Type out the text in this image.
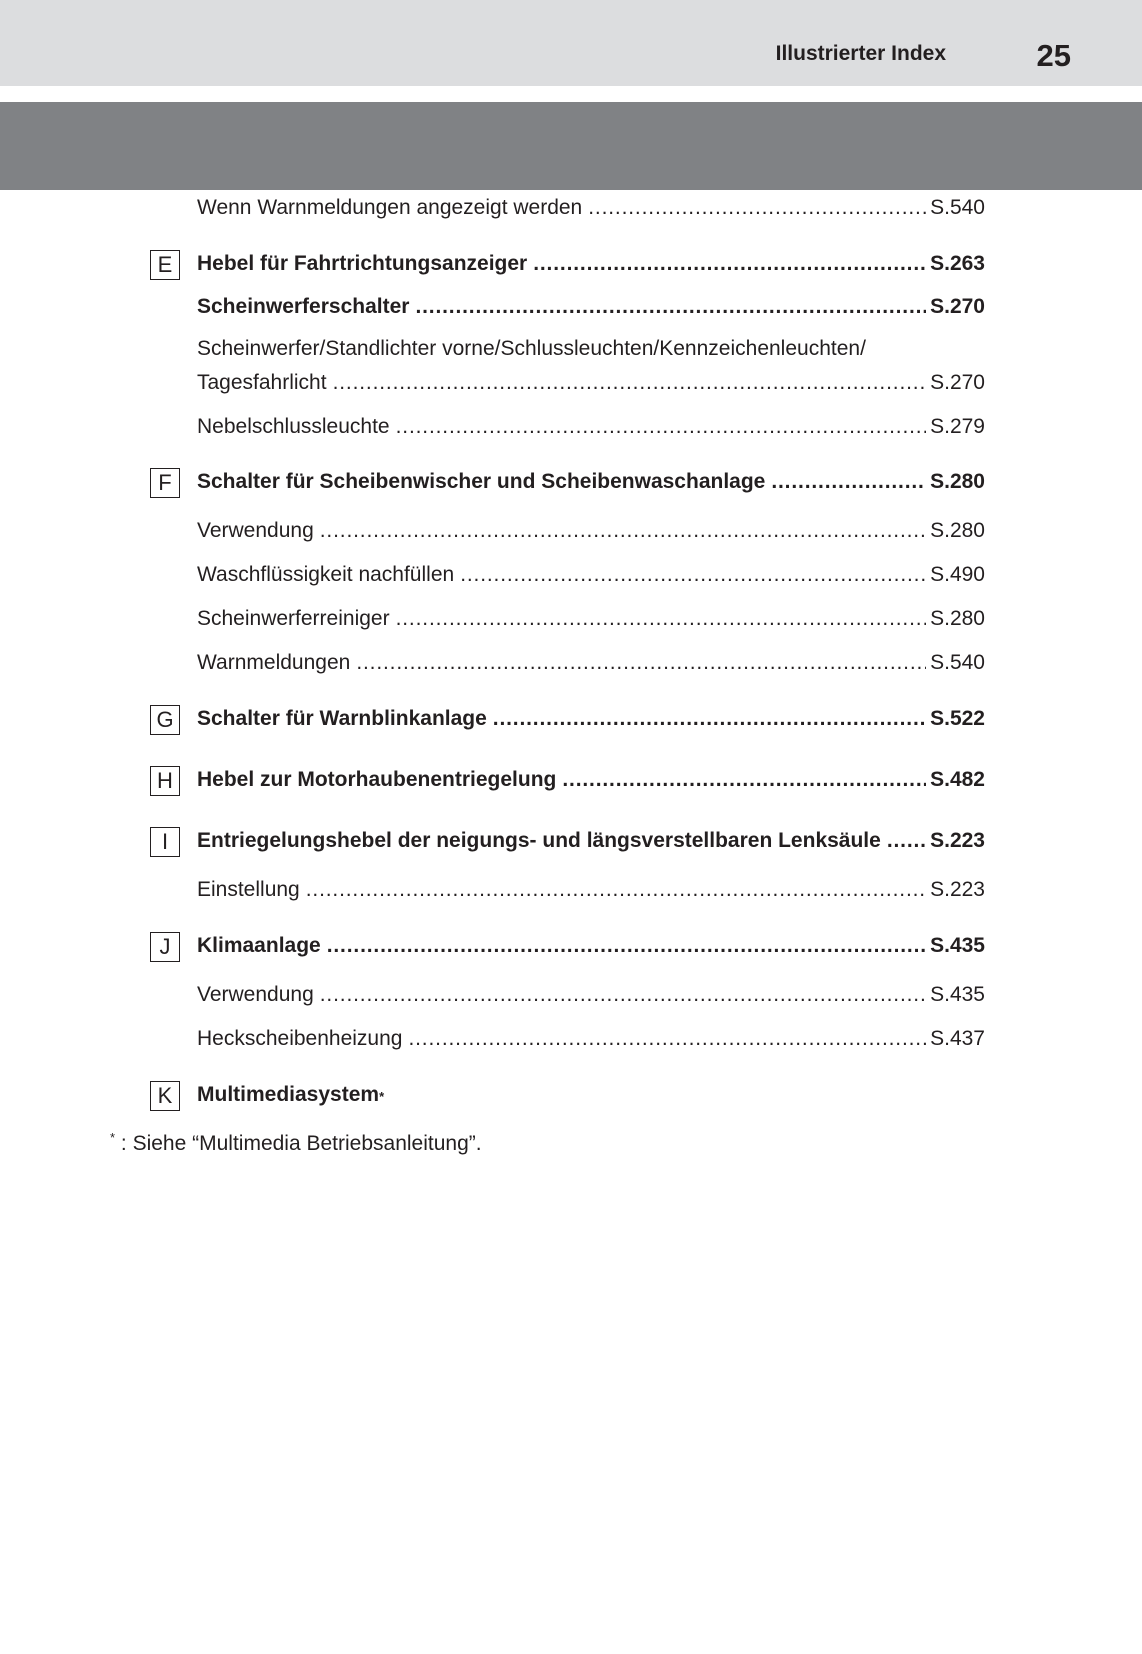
Illustrierter Index	25
Wenn Warnmeldungen angezeigt werden . . .	S.540
E	Hebel für Fahrtrichtungsanzeiger . . .	S.263
Scheinwerferschalter . . .	S.270
Scheinwerfer/Standlichter vorne/Schlussleuchten/Kennzeichenleuchten/
Tagesfahrlicht . . .	S.270
Nebelschlussleuchte . . .	S.279
F	Schalter für Scheibenwischer und Scheibenwaschanlage . . .	S.280
Verwendung . . .	S.280
Waschflüssigkeit nachfüllen . . .	S.490
Scheinwerferreiniger . . .	S.280
Warnmeldungen . . .	S.540
G	Schalter für Warnblinkanlage . . .	S.522
H	Hebel zur Motorhaubenentriegelung . . .	S.482
I	Entriegelungshebel der neigungs- und längsverstellbaren Lenksäule . . . S.223
Einstellung . . .	S.223
J	Klimaanlage . . .	S.435
Verwendung . . .	S.435
Heckscheibenheizung . . .	S.437
K	Multimediasystem *
* : Siehe “Multimedia Betriebsanleitung”.
